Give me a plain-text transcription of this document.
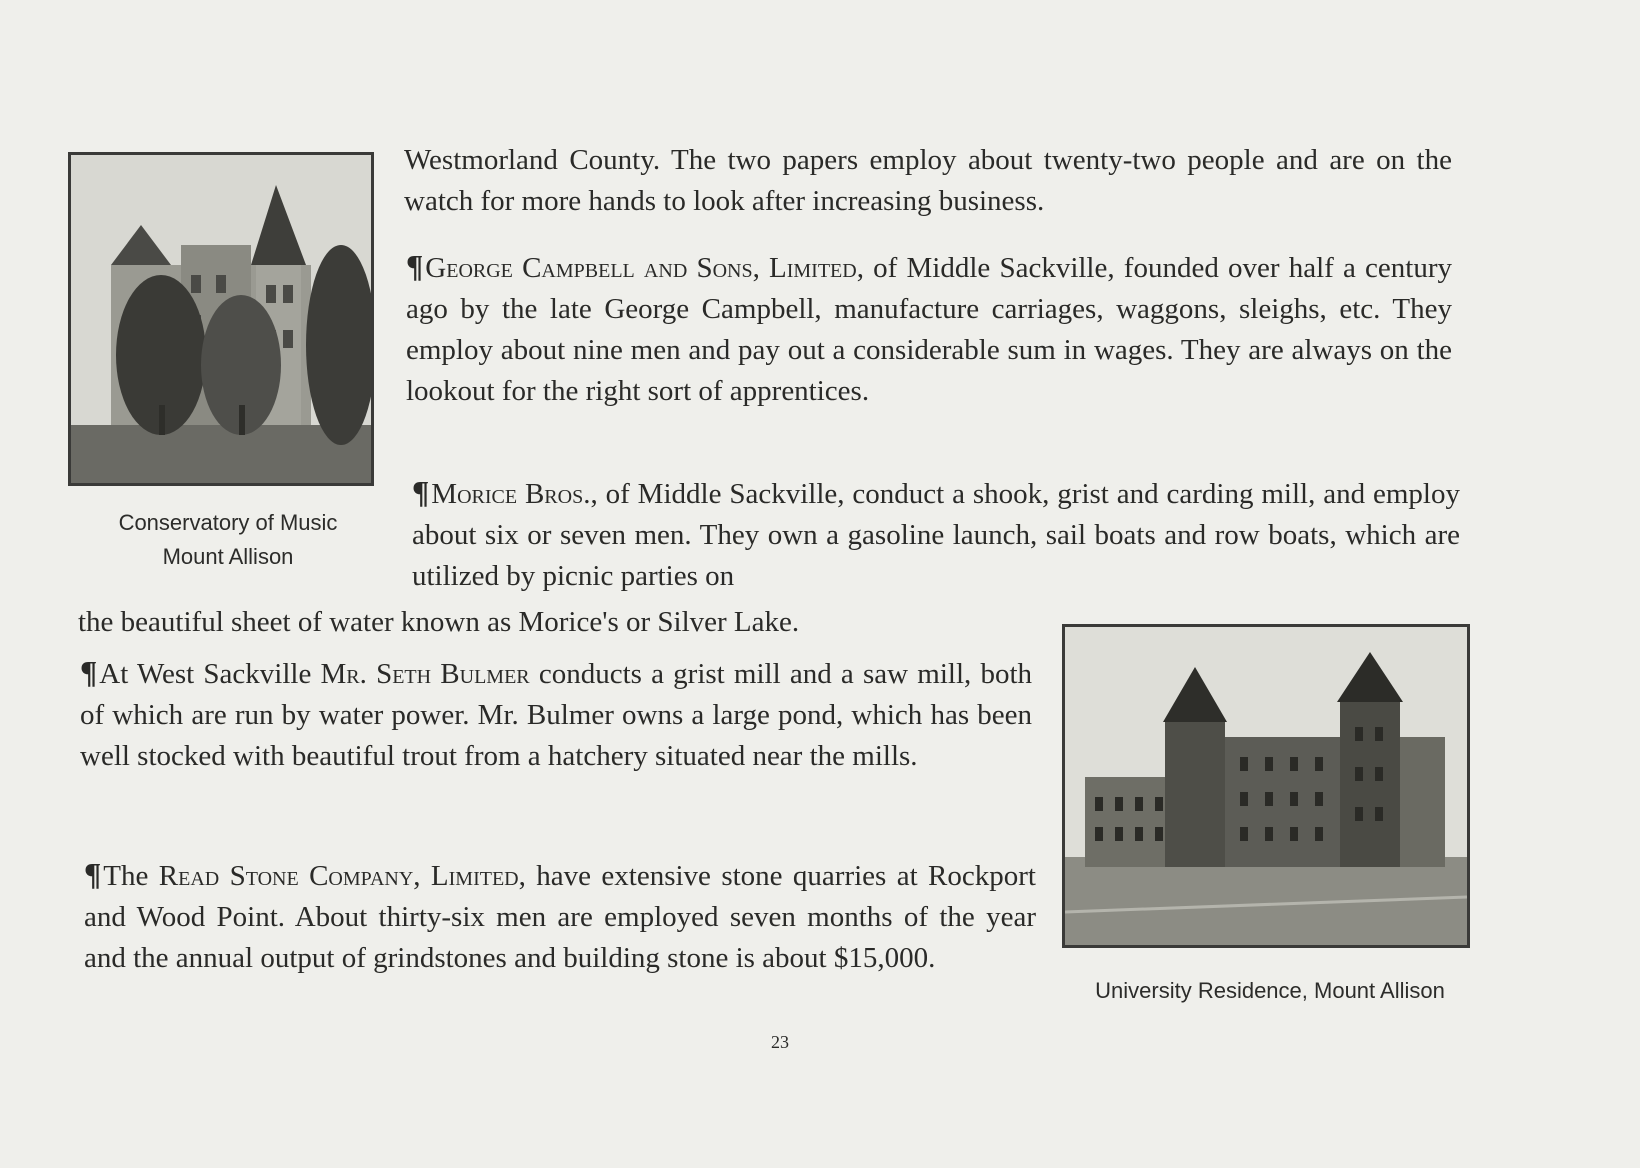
Conservatory of Music
Mount Allison

Westmorland County. The two papers employ about twenty-two people and are on the watch for more hands to look after increasing business.

¶George Campbell and Sons, Limited, of Middle Sackville, founded over half a century ago by the late George Campbell, manufacture carriages, waggons, sleighs, etc. They employ about nine men and pay out a considerable sum in wages. They are always on the lookout for the right sort of apprentices.

¶Morice Bros., of Middle Sackville, conduct a shook, grist and carding mill, and employ about six or seven men. They own a gasoline launch, sail boats and row boats, which are utilized by picnic parties on

the beautiful sheet of water known as Morice's or Silver Lake.

¶At West Sackville Mr. Seth Bulmer conducts a grist mill and a saw mill, both of which are run by water power. Mr. Bulmer owns a large pond, which has been well stocked with beautiful trout from a hatchery situated near the mills.

¶The Read Stone Company, Limited, have extensive stone quarries at Rockport and Wood Point. About thirty-six men are employed seven months of the year and the annual output of grindstones and building stone is about $15,000.

University Residence, Mount Allison
23
